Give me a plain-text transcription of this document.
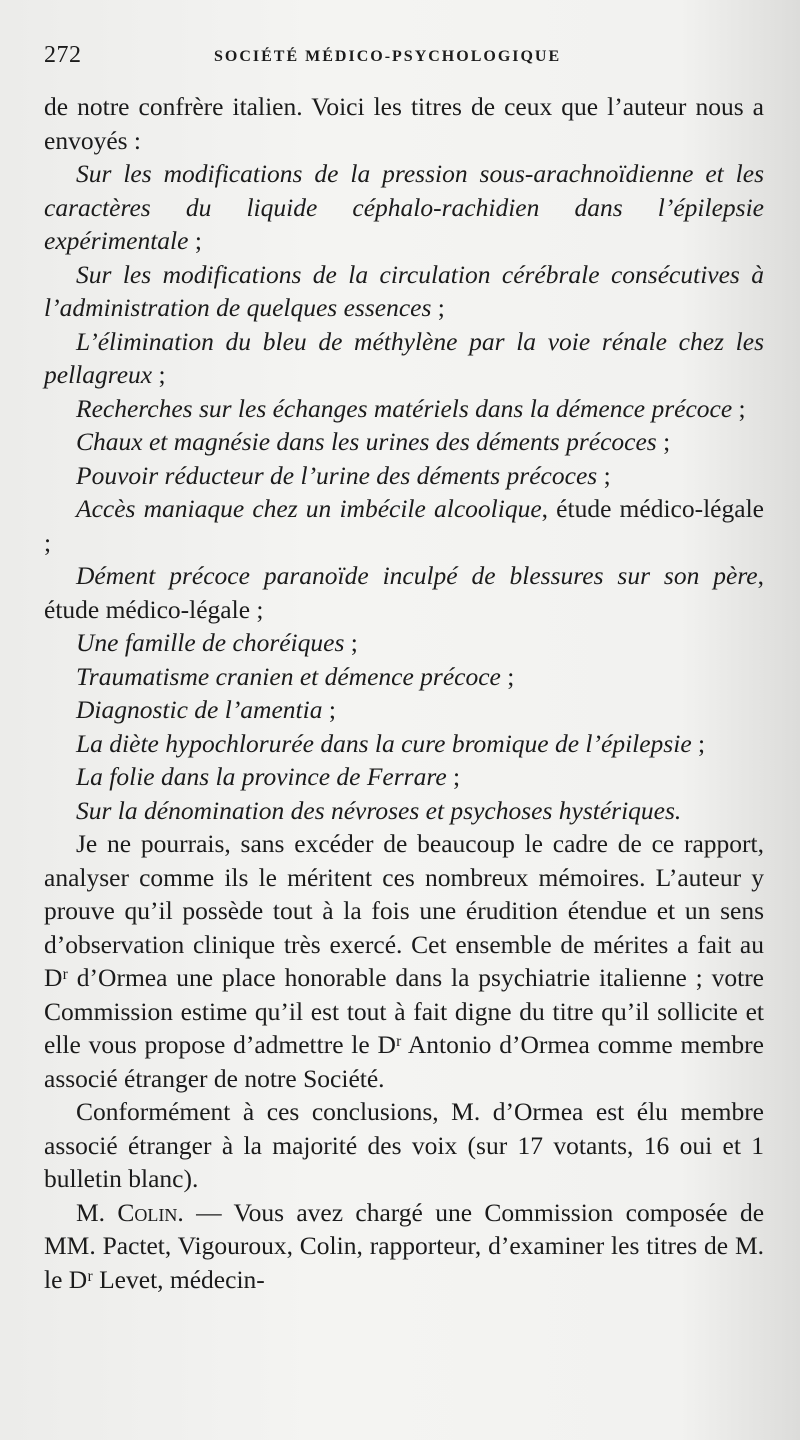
272	SOCIÉTÉ MÉDICO-PSYCHOLOGIQUE

de notre confrère italien. Voici les titres de ceux que l’auteur nous a envoyés :

Sur les modifications de la pression sous-arachnoïdienne et les caractères du liquide céphalo-rachidien dans l’épilepsie expérimentale ;

Sur les modifications de la circulation cérébrale consécutives à l’administration de quelques essences ;

L’élimination du bleu de méthylène par la voie rénale chez les pellagreux ;

Recherches sur les échanges matériels dans la démence précoce ;

Chaux et magnésie dans les urines des déments précoces ;

Pouvoir réducteur de l’urine des déments précoces ;

Accès maniaque chez un imbécile alcoolique, étude médico-légale ;

Dément précoce paranoïde inculpé de blessures sur son père, étude médico-légale ;

Une famille de choréiques ;

Traumatisme cranien et démence précoce ;

Diagnostic de l’amentia ;

La diète hypochlorurée dans la cure bromique de l’épilepsie ;

La folie dans la province de Ferrare ;

Sur la dénomination des névroses et psychoses hystériques.

Je ne pourrais, sans excéder de beaucoup le cadre de ce rapport, analyser comme ils le méritent ces nombreux mémoires. L’auteur y prouve qu’il possède tout à la fois une érudition étendue et un sens d’observation clinique très exercé. Cet ensemble de mérites a fait au Dʳ d’Ormea une place honorable dans la psychiatrie italienne ; votre Commission estime qu’il est tout à fait digne du titre qu’il sollicite et elle vous propose d’admettre le Dʳ Antonio d’Ormea comme membre associé étranger de notre Société.

Conformément à ces conclusions, M. d’Ormea est élu membre associé étranger à la majorité des voix (sur 17 votants, 16 oui et 1 bulletin blanc).

M. Colin. — Vous avez chargé une Commission composée de MM. Pactet, Vigouroux, Colin, rapporteur, d’examiner les titres de M. le Dʳ Levet, médecin-
